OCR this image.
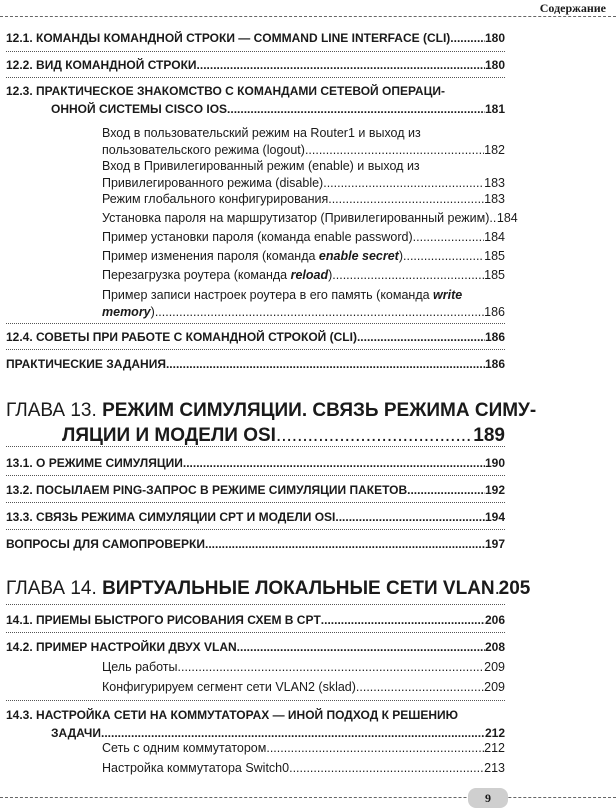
Содержание
12.1. КОМАНДЫ КОМАНДНОЙ СТРОКИ — COMMAND LINE INTERFACE (CLI) .....	180
12.2. ВИД КОМАНДНОЙ СТРОКИ .....	180
12.3. ПРАКТИЧЕСКОЕ ЗНАКОМСТВО С КОМАНДАМИ СЕТЕВОЙ ОПЕРАЦИ-
ОННОЙ СИСТЕМЫ CISCO IOS .....	181
Вход в пользовательский режим на Router1 и выход из
пользовательского режима (logout) .....	182
Вход в Привилегированный режим (enable) и выход из
Привилегированного режима (disable) .....	183
Режим глобального конфигурирования .....	183
Установка пароля на маршрутизатор (Привилегированный режим). ..... 184
Пример установки пароля (команда enable password) .....	184
Пример изменения пароля (команда enable secret) .....	185
Перезагрузка роутера (команда reload) .....	185
Пример записи настроек роутера в его память (команда write
memory) .....	186
12.4. СОВЕТЫ ПРИ РАБОТЕ С КОМАНДНОЙ СТРОКОЙ (CLI) .....	186
ПРАКТИЧЕСКИЕ ЗАДАНИЯ .....	186
ГЛАВА 13. РЕЖИМ СИМУЛЯЦИИ. СВЯЗЬ РЕЖИМА СИМУ-
ЛЯЦИИ И МОДЕЛИ OSI .....	189
13.1. О РЕЖИМЕ СИМУЛЯЦИИ .....	190
13.2. ПОСЫЛАЕМ PING-ЗАПРОС В РЕЖИМЕ СИМУЛЯЦИИ ПАКЕТОВ .....	192
13.3. СВЯЗЬ РЕЖИМА СИМУЛЯЦИИ CPT И МОДЕЛИ OSI .....	194
ВОПРОСЫ ДЛЯ САМОПРОВЕРКИ .....	197
ГЛАВА 14. ВИРТУАЛЬНЫЕ ЛОКАЛЬНЫЕ СЕТИ VLAN ..... 205
14.1. ПРИЕМЫ БЫСТРОГО РИСОВАНИЯ СХЕМ В CPT .....	206
14.2. ПРИМЕР НАСТРОЙКИ ДВУХ VLAN .....	208
Цель работы .....	209
Конфигурируем сегмент сети VLAN2 (sklad) .....	209
14.3. НАСТРОЙКА СЕТИ НА КОММУТАТОРАХ — ИНОЙ ПОДХОД К РЕШЕНИЮ
ЗАДАЧИ .....	212
Сеть с одним коммутатором .....	212
Настройка коммутатора Switch0 .....	213
9
